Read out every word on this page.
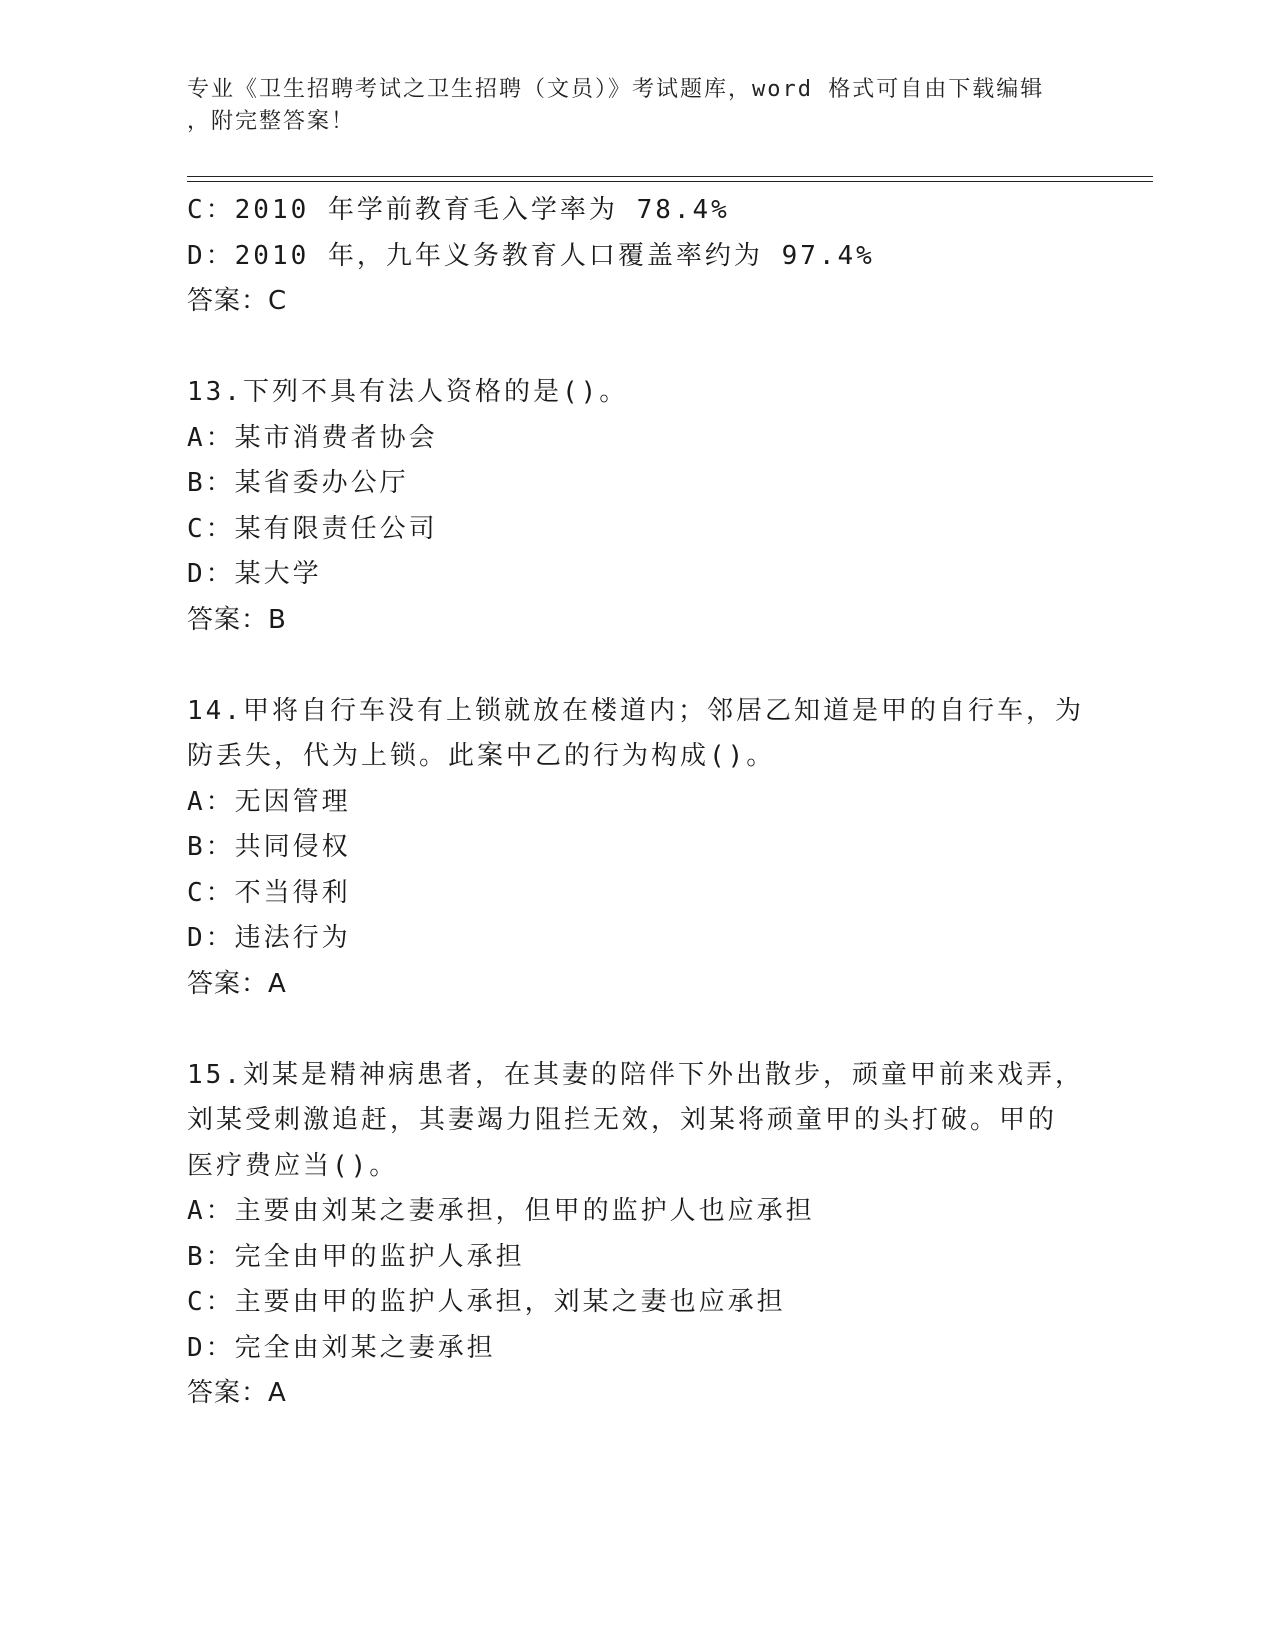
专业《卫生招聘考试之卫生招聘（文员）》考试题库，word 格式可自由下载编辑
，附完整答案！
C：2010 年学前教育毛入学率为 78.4%
D：2010 年，九年义务教育人口覆盖率约为 97.4%
答案：C
13.下列不具有法人资格的是()。
A：某市消费者协会
B：某省委办公厅
C：某有限责任公司
D：某大学
答案：B
14.甲将自行车没有上锁就放在楼道内；邻居乙知道是甲的自行车，为
防丢失，代为上锁。此案中乙的行为构成()。
A：无因管理
B：共同侵权
C：不当得利
D：违法行为
答案：A
15.刘某是精神病患者，在其妻的陪伴下外出散步，顽童甲前来戏弄，
刘某受刺激追赶，其妻竭力阻拦无效，刘某将顽童甲的头打破。甲的
医疗费应当()。
A：主要由刘某之妻承担，但甲的监护人也应承担
B：完全由甲的监护人承担
C：主要由甲的监护人承担，刘某之妻也应承担
D：完全由刘某之妻承担
答案：A
